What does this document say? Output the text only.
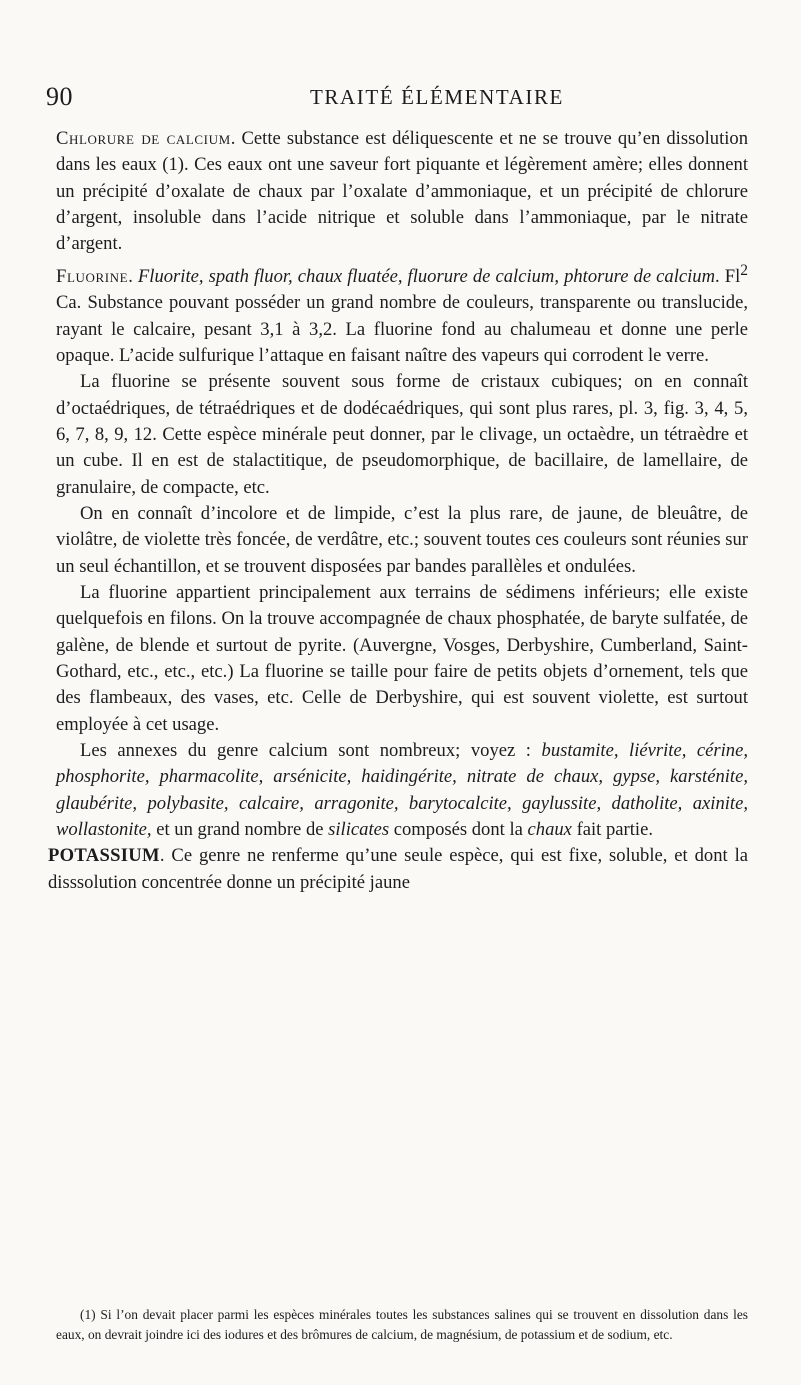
90	TRAITÉ ÉLÉMENTAIRE

Chlorure de calcium. Cette substance est déliquescente et ne se trouve qu’en dissolution dans les eaux (1). Ces eaux ont une saveur fort piquante et légèrement amère; elles donnent un précipité d’oxalate de chaux par l’oxalate d’ammoniaque, et un précipité de chlorure d’argent, insoluble dans l’acide nitrique et soluble dans l’ammoniaque, par le nitrate d’argent.

Fluorine. Fluorite, spath fluor, chaux fluatée, fluorure de calcium, phtorure de calcium. Fl$^2$ Ca. Substance pouvant posséder un grand nombre de couleurs, transparente ou translucide, rayant le calcaire, pesant 3,1 à 3,2. La fluorine fond au chalumeau et donne une perle opaque. L’acide sulfurique l’attaque en faisant naître des vapeurs qui corrodent le verre.

La fluorine se présente souvent sous forme de cristaux cubiques; on en connaît d’octaédriques, de tétraédriques et de dodécaédriques, qui sont plus rares, pl. 3, fig. 3, 4, 5, 6, 7, 8, 9, 12. Cette espèce minérale peut donner, par le clivage, un octaèdre, un tétraèdre et un cube. Il en est de stalactitique, de pseudomorphique, de bacillaire, de lamellaire, de granulaire, de compacte, etc.

On en connaît d’incolore et de limpide, c’est la plus rare, de jaune, de bleuâtre, de violâtre, de violette très foncée, de verdâtre, etc.; souvent toutes ces couleurs sont réunies sur un seul échantillon, et se trouvent disposées par bandes parallèles et ondulées.

La fluorine appartient principalement aux terrains de sédimens inférieurs; elle existe quelquefois en filons. On la trouve accompagnée de chaux phosphatée, de baryte sulfatée, de galène, de blende et surtout de pyrite. (Auvergne, Vosges, Derbyshire, Cumberland, Saint-Gothard, etc., etc., etc.) La fluorine se taille pour faire de petits objets d’ornement, tels que des flambeaux, des vases, etc. Celle de Derbyshire, qui est souvent violette, est surtout employée à cet usage.

Les annexes du genre calcium sont nombreux; voyez : bustamite, liévrite, cérine, phosphorite, pharmacolite, arsénicite, haidingérite, nitrate de chaux, gypse, karsténite, glaubérite, polybasite, calcaire, arragonite, barytocalcite, gaylussite, datholite, axinite, wollastonite, et un grand nombre de silicates composés dont la chaux fait partie.

POTASSIUM. Ce genre ne renferme qu’une seule espèce, qui est fixe, soluble, et dont la disssolution concentrée donne un précipité jaune

(1) Si l’on devait placer parmi les espèces minérales toutes les substances salines qui se trouvent en dissolution dans les eaux, on devrait joindre ici des iodures et des brômures de calcium, de magnésium, de potassium et de sodium, etc.
